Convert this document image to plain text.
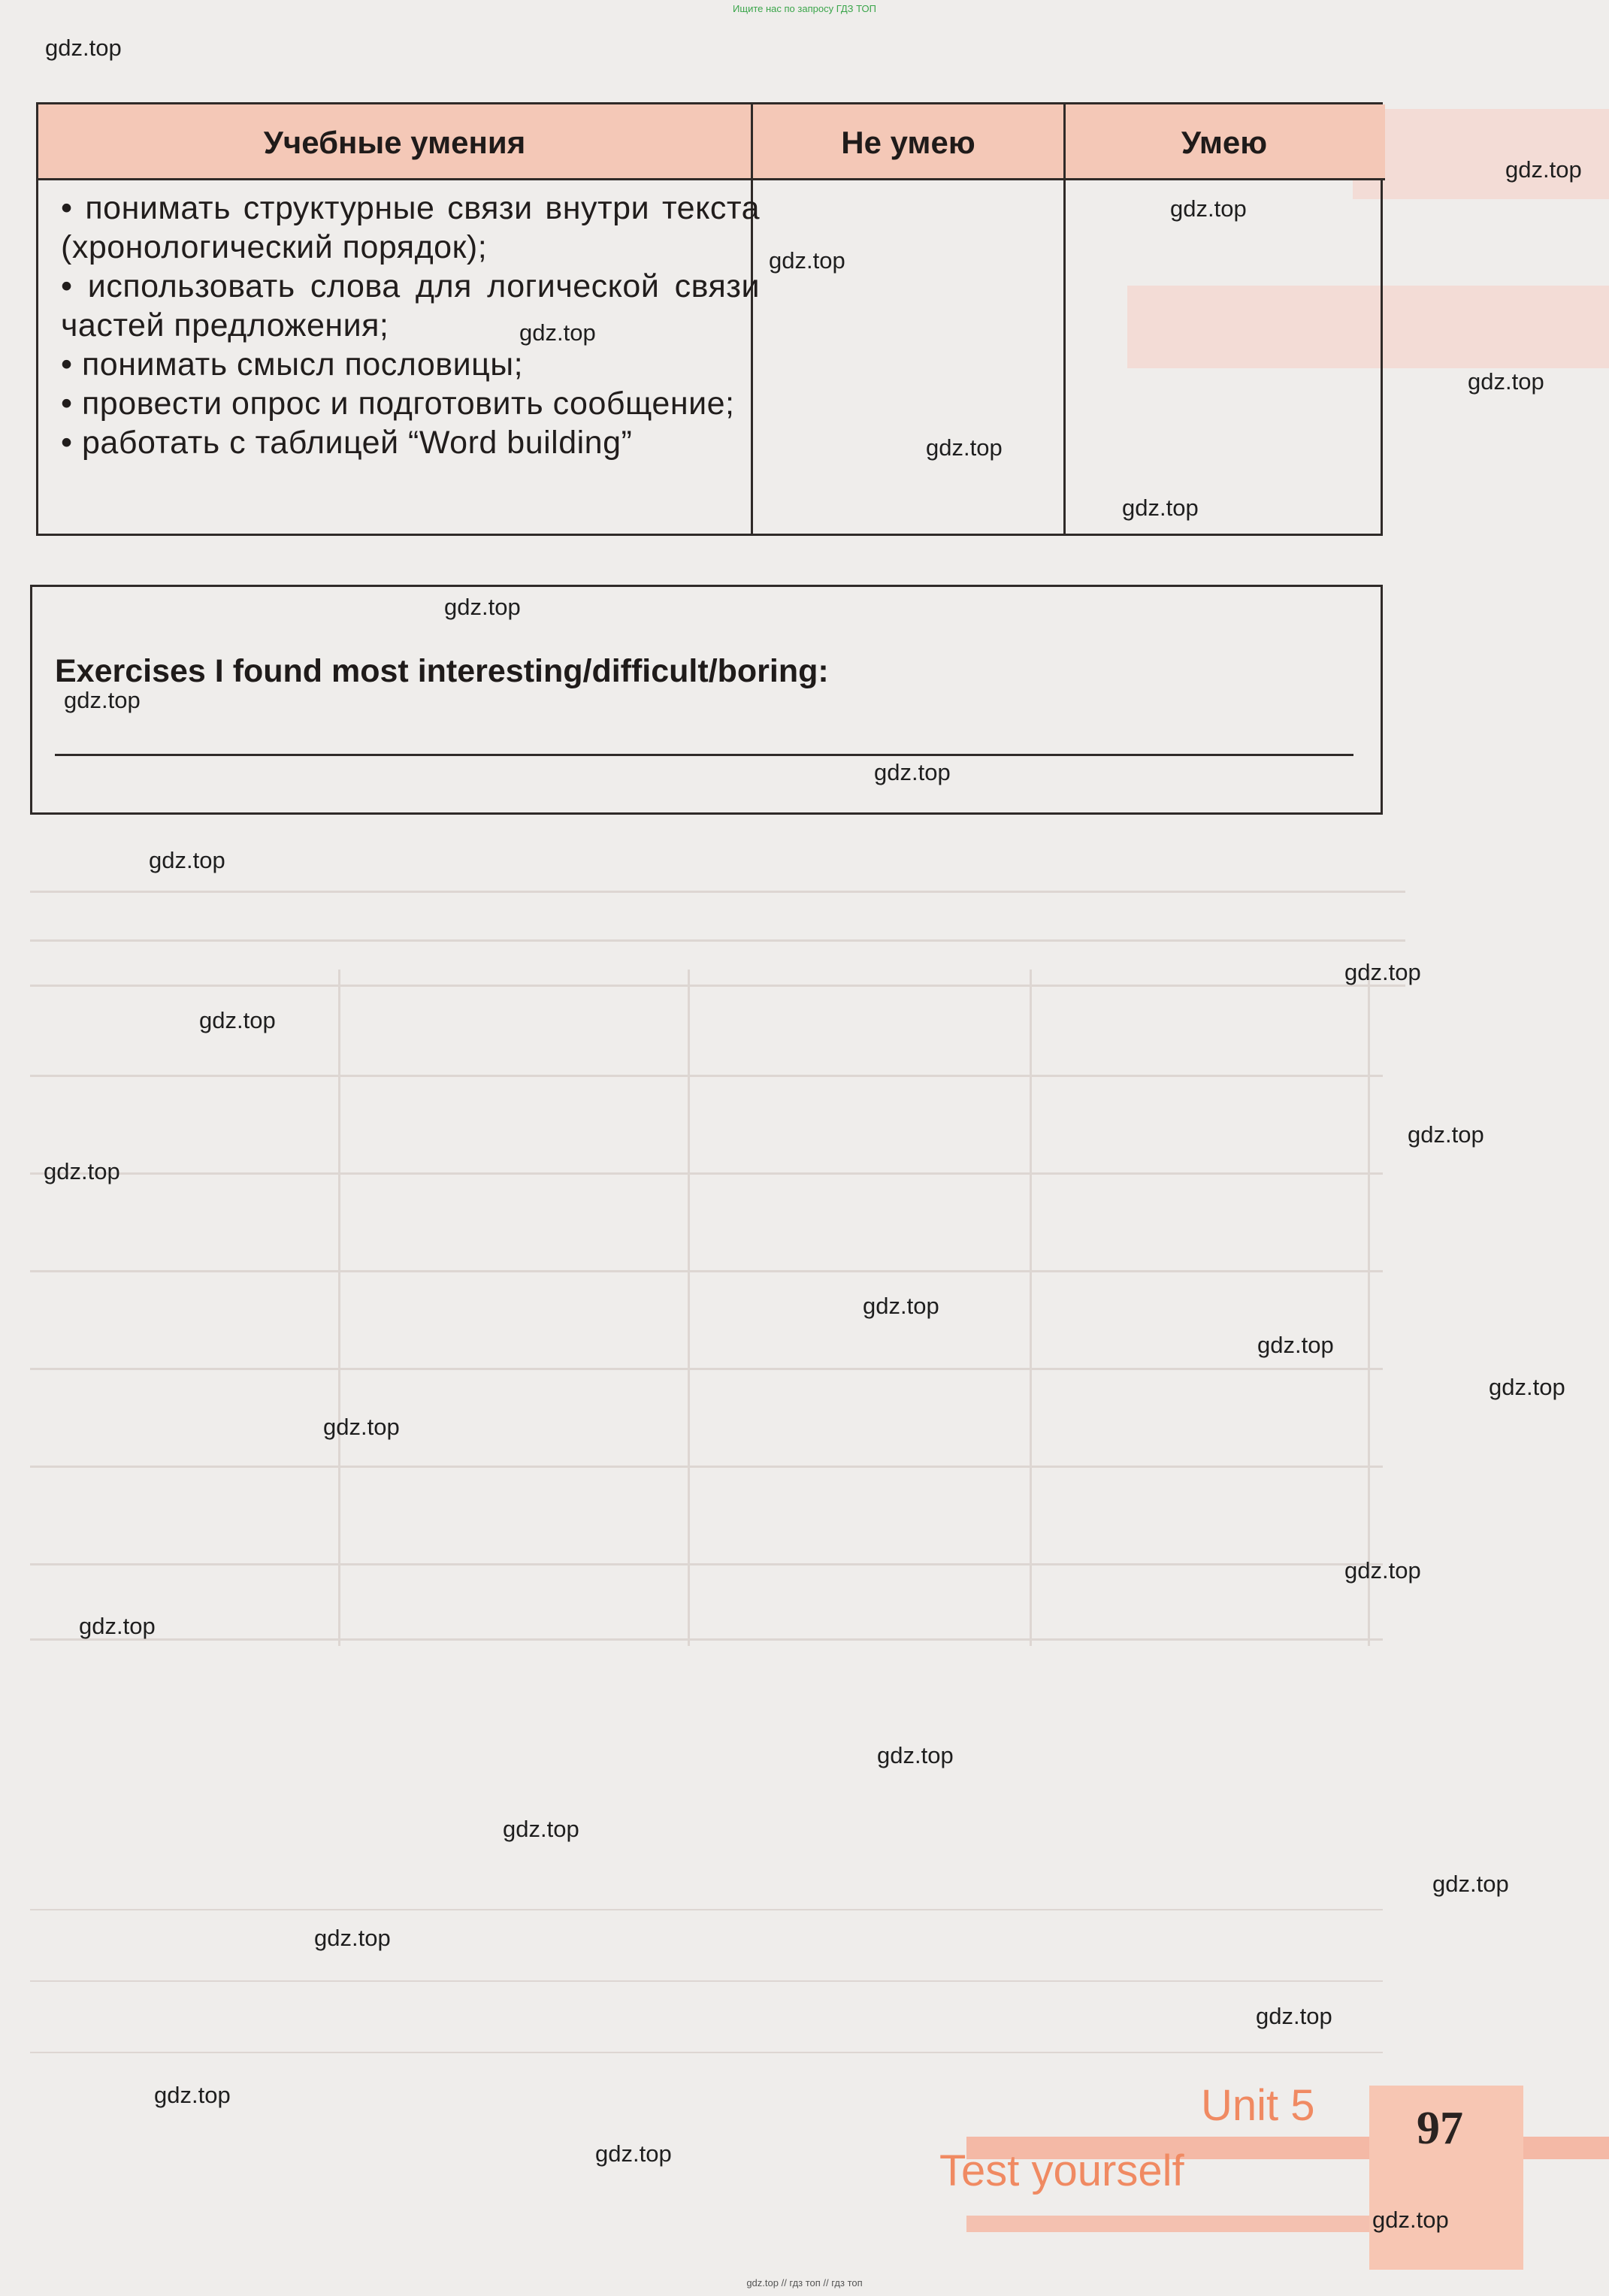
Ищите нас по запросу ГДЗ ТОП
Учебные умения	Не умею	Умею
• понимать структурные связи внутри текста (хронологический порядок);
• использовать слова для логической связи частей предложения;
• понимать смысл пословицы;
• провести опрос и подготовить сообщение;
• работать с таблицей “Word building”
Exercises I found most interesting/difficult/boring:
Unit 5
Test yourself
97
gdz.top
gdz.top
gdz.top
gdz.top
gdz.top
gdz.top
gdz.top
gdz.top
gdz.top
gdz.top
gdz.top
gdz.top
gdz.top
gdz.top
gdz.top
gdz.top
gdz.top
gdz.top
gdz.top
gdz.top
gdz.top
gdz.top
gdz.top
gdz.top
gdz.top
gdz.top
gdz.top
gdz.top
gdz.top
gdz.top
gdz.top // гдз топ // гдз топ
